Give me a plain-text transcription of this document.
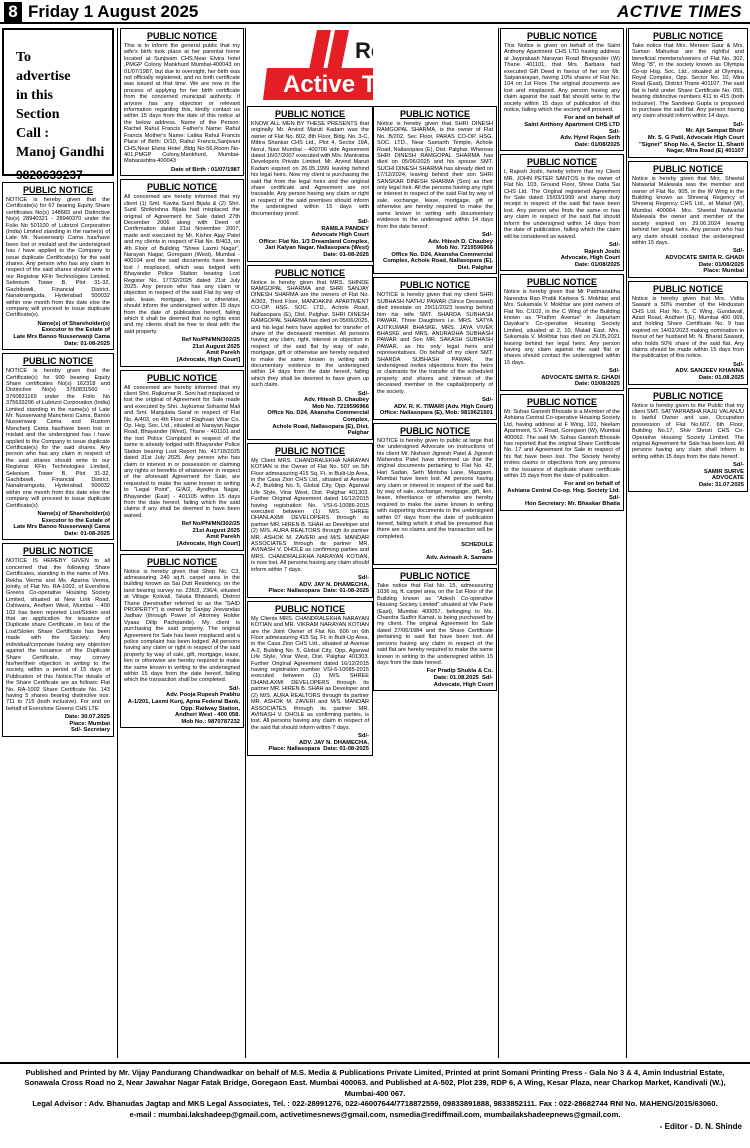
8 Friday 1 August 2025	ACTIVE TIMES
To
advertise
in this
Section
Call :
Manoj Gandhi
9820639237
PUBLIC NOTICE
NOTICE is hereby given that the Certificate(s) for 67 bearing Equity Share certificates No(s) 148683 and Distinctive No(s) 28940321 - 28940370 under the Folio No 501100 of Lubrizol Corporation (India) Limited standing in the name(s) of Late Mr. Nusserwanji Cama has/have been lost or mislaid and the undersigned has / have applied to the Company to issue duplicate Certificate(s) for the said shares. Any person who has any claim in respect of the said shares should write to our Registrar KFin Technologies Limited, Selenium Tower B, Plot 31-32, Gachibowli, Financial District, Nanakramguda, Hyderabad 500032 within one month from this date else the company will proceed to issue duplicate Certificate(s).
Name(s) of Shareholder(s)
Executor to the Estate of
Late Mrs Banoo Nusserwanji Cama
Date: 01-08-2025
PUBLIC NOTICE
NOTICE is hereby given that the Certificate(s) for 900 bearing Equity Share certificates No(s) 162318 and Distinctive No(s) 3760831560 - 3760831169 under the Folio No 375633296 of Lubrizol Corporation (India) Limited standing in the name(s) of Late Mr. Nusserwanji Manchersi Cama, Banoo Nusserwanji Cama and Rustom Mancherji Cama has/have been lost or mislaid and the undersigned has / have applied to the Company to issue duplicate Certificate(s) for the said shares. Any person who has any claim in respect of the said shares should write to our Registrar KFin Technologies Limited, Selenium Tower B, Plot 31-32, Gachibowli, Financial District, Nanakramguda, Hyderabad 500032 within one month from this date else the company will proceed to issue duplicate Certificate(s).
Name(s) of Shareholder(s)
Executor to the Estate of
Late Mrs Banoo Nusserwanji Cama
Date: 01-08-2025
PUBLIC NOTICE
NOTICE IS HEREBY GIVEN to all concerned that the following Share Certificates, standing in the name of Mrs. Rekha Verma and Ms. Aparna Verma, jointly, of Flat No. RA-1002, of Evershine Greens Co-operative Housing Society Limited, situated at New Link Road, Oshiwara, Andheri West, Mumbai - 400 102 has been reported Lost/Stolen and that an application for issuance of Duplicate share Certificate, in lieu of the Lost/Stolen Share Certificate has been made with the Society. Any individual/corporate having any objection against the issuance of the Duplicate Share Certificate, may convey his/her/their objection in writing to the society, within a period of 15 days of Publication of this Notice.The details of the Share Certificate are as follows: Flat No. RA-1002 Share Certificate No. 143 having 5 shares bearing distinctive nos. 711 to 715 (both inclusive). For and on behalf of Evershine Greens CHS LTE
Date: 30.07.2025
Place: Mumbai
Sd/- Secretary
PUBLIC NOTICE
This is to inform the general public that my wife's birth took place at her parental home located at Sunjivam CHS,Near Elvira hotel ,PMGP Colony Mankhurd Mumbai-400043 on 01/07/1987, but due to oversight, her birth was not officially registered, and no birth certificate was issued at that time. We are now in the process of applying for her birth certificate from the concerned municipal authority. If anyone has any objection or relevant information regarding this, kindly contact us within 15 days from the date of this notice at the below address. Name of the Person: Rachel Rahul Francis Father's Name: Rahul Francis Mother's Name: Latika Rahul Francis Place of Birth: D/10, Rahul Francis,Sanjivani CHS,Near Elvira Hotel ,Bldg No-56,Room No-401,PMGP Colony,Mankhurd, Mumbai-Maharashtra-400043
Date of Birth : 01/07/1987
PUBLIC NOTICE
All concerned are hereby informed that my client (1) Smt. Kavita Sunil Bijala & (2) Shri. Sunil Shrikrishna Bijala had misplaced the original of Agreement for Sale dated 27th December 2006 along with Deed of Confirmation dated 21st November 2007, made and executed by Mr. Kishor Ajay Patel and my clients in respect of Flat No. B/403, on 4th Floor of Building "Shree Laxmi Nagar", Narayan Nagar, Goregaon (West), Mumbai - 400104 and the said documents have been lost / misplaced, which was lodged with Bhayander Police Station bearing Lost Register No. 17732/2025 dated 21st July 2025. Any person who has any claim or objection in respect of the said Flat by way of sale, lease, mortgage, lien or otherwise, should inform the undersigned within 15 days from the date of publication hereof, failing which it shall be deemed that no rights exist and my clients shall be free to deal with the said property.
Ref No/PN/MN/302/25
21st August 2025
Amit Parekh
[Advocate, High Court]
PUBLIC NOTICE
All concerned are hereby informed that my client Shri. Rajkumar R. Soni had misplaced or lost the original of Agreement for Sale made and executed by Shri. Jaykumar Sohanlal Mali and Smt. Manjulata Saraf in respect of Flat No. A/403, on 4th Floor of Raghvan Vihar Co. Op. Hsg. Soc. Ltd., situated at Narayan Nagar Road, Bhayander (West), Thane - 401101 and the lost Police Complaint in respect of the same is already lodged with Bhayander Police Station bearing Lost Report No. 41718/2025 dated 31st July 2025. Any person who has claim or interest in or possession or claiming any rights or benefits of whatsoever in respect of the aforesaid Agreement for Sale, are requested to make the same known in writing to "Legal Point", G/A/2, Ayodhya Nagar, Bhayander (East) - 401105 within 15 days from the date hereof, failing which the said claims if any shall be deemed to have been waived.
Ref No/PN/MN/302/25
21st August 2025
Amit Parekh
[Advocate, High Court]
PUBLIC NOTICE
Notice is hereby given that Shop No. C3, admeasuring 240 sq.ft. carpet area in the building known as Sai Dutt Residency, on the land bearing survey no. 236/3, 236/4, situated at Village Kolivali, Taluka Bhiwandi, District Thane (hereinafter referred to as the "SAID PROPERTY") is owned by Sanjay Jeevandas Jadhav (through Power of Attorney Holder Vyaas Dilip Pachpande). My client is purchasing the said property. The original Agreement for Sale has been misplaced and a police complaint has been lodged. All persons having any claim or right in respect of the said property by way of sale, gift, mortgage, lease, lien or otherwise are hereby required to make the same known in writing to the undersigned within 15 days from the date hereof, failing which the transaction shall be completed.
Sd/-
Adv. Pooja Rupesh Prabhu
A-1/201, Laxmi Kunj, Apna Federal Bank, Opp. Railway Station,
Andheri West - 400 058.
Mob No.: 9870787232
Read Daily
Active Times
PUBLIC NOTICE
KNOW ALL MEN BY THESE PRESENTS that originally Mr. Arvind Maruti Kadam was the owner of Flat No. 802, 8th Floor, Bldg. No. 3-C, Mittra Shankar CHS Ltd., Plot 4, Sector 19A, Nerul, Navi Mumbai - 400706 vide Agreement dated 16/07/2007 executed with M/s. Maniratna Developers Private Limited. Mr. Arvind Maruti Kadam expired on 26.05.1999 leaving behind his legal heirs. Now my client is purchasing the said flat from the legal heirs and the original share certificate and Agreement are not traceable. Any person having any claim or right in respect of the said premises should inform the undersigned within 15 days with documentary proof.
Sd/-
RAMILA PANDEY
Advocate High Court
Office: Flat No. 1/3 Dreamland Complex,
Jari Kalyan Nagar, Nallasopara (West)
Date: 01-08-2025
PUBLIC NOTICE
Notice is hereby given that MRS. SHINDE RAMGOPAL SHARMA and SHRI SANJAY DINESH SHARMA are the owners of Flat No. A/303, Third Floor, MANDAKINI APARTMENT CO-OP. HSG. SOC. LTD., Achole Road, Nallasopara (E), Dist. Palghar. SHRI DINESH RAMGOPAL SHARMA has died on 05/06/2025, and his legal heirs have applied for transfer of share of the deceased member. All persons having any claim, right, interest or objection in respect of the said flat by way of sale, mortgage, gift or otherwise are hereby required to make the same known in writing with documentary evidence to the undersigned within 14 days from the date hereof, failing which they shall be deemed to have given up such claim.
Sd/-
Adv. Hitesh D. Chaubey
Mob No. 7219596966
Office No. D24, Akansha Commercial Complex,
Achole Road, Nallasopara (E), Dist. Palghar
PUBLIC NOTICE
My Client MRS. CHANDRALEKHA NARAYAN KOTIAN is the Owner of Flat No. 507 on 5th Floor admeasuring 415 Sq. Ft. in Built-Up Area, in the Casa Zion CHS Ltd., situated at Avenue A-2, Building No. 5, Global City, Opp. Agarwal Life Style, Virar West, Dist. Palghar 401303. Further Original Agreement dated 16/12/2015 having registration No. VSI-6-10086-2015 executed between (1) M/S. SHREE DHANLAXMI DEVELOPERS through its partner MR. HIREN B. SHAH as Developer and (2) M/S. AURA REALTORS through its partner MR. ASHOK M. ZAVERI and M/S. MANDAR ASSOCIATES through its partner MR. AVINASH V. DHOLE as confirming parties and MRS. CHANDRALEKHA NARAYAN KOTIAN, is now lost. All persons having any claim should inform within 7 days.
Sd/-
ADV. JAY N. DHAMECHA,
Place: Nallasopara  Date: 01-08-2025
PUBLIC NOTICE
My Clients MRS. CHANDRALEKHA NARAYAN KOTIAN and MR. VIKRAM NARAYAN KOTIAN are the Joint Owner of Flat No. 606 on 6th Floor admeasuring 415 Sq. Ft. in Built-Up Area, in the Casa Zion CHS Ltd., situated at Avenue A-2, Building No. 5, Global City, Opp. Agarwal Life Style, Virar West, Dist. Palghar 401303. Further Original Agreement dated 16/12/2015 having registration number VSI-6-10085-2015 executed between (1) M/S. SHREE DHANLAXMI DEVELOPERS through its partner MR. HIREN B. SHAH as Developer and (2) M/S. AURA REALTORS through its partner MR. ASHOK M. ZAVERI and M/S. MANDAR ASSOCIATES through its partner MR. AVINASH V. DHOLE as confirming parties, is lost. All persons having any claim in respect of the said flat should inform within 7 days.
Sd/-
ADV. JAY N. DHAMECHA,
Place: Nallasopara  Date: 01-08-2025
PUBLIC NOTICE
Notice is hereby given that SHRI DINESH RAMGOPAL SHARMA, is the owner of Flat No. B/202, Sec Floor, PARAS CO-OP. HSG. SOC. LTD., Near Samarth Temple, Achole Road, Nallasopara (E), Dist. Palghar. Whereas SHRI DINESH RAMGOPAL SHARMA has died on 05/06/2025 and his spouse SMT. SUCHI DINESH SHARMA has already died on 17/12/2024, leaving behind their son SHRI SANSKAR DINESH SHARMA (Son) as their only legal heir. All the persons having any right or interest in respect of the said Flat by way of sale, exchange, lease, mortgage, gift or otherwise are hereby required to make the same known in writing with documentary evidence to the undersigned within 14 days from the date hereof.
Sd/-
Adv. Hitesh D. Chaubey
Mob No. 7219596966
Office No. D24, Akansha Commercial Complex, Achole Road, Nallasopara (E), Dist. Palghar
PUBLIC NOTICE
NOTICE is hereby given that my client SHRI SUBHASH NATHU PAWAR (Since Deceased) died intestate on 29/11/2023 leaving behind him his wife SMT. SHARDA SUBHASH PAWAR, Three Daughters i.e. MRS. SATYA AJITKUMAR BHASKE, MRS. JAYA VIVEK BHASKE and MRS. ANURADHA SUBHASH PAWAR and Son MR. SAKASH SUBHASH PAWAR, as his only legal heirs and representatives. On behalf of my client SMT. SHARDA SUBHASH PAWAR, the undersigned invites objections from the heirs or claimants for the transfer of the scheduled property and shares and interest of the deceased member in the capital/property of the society.
Sd/-
ADV. R. K. TIWARI (Adv. High Court)
Office: Nallasopara (E), Mob: 9819621501
PUBLIC NOTICE
NOTICE is hereby given to public at large that the undersigned Advocate on instructions of his client Mr. Nishant Jignesh Patel & Jignesh Mahendra Patel have informed us that the original documents pertaining to Flat No. 42, Hari Sadan, Seth Motisha Lane, Mazgaon, Mumbai have been lost. All persons having any claim or interest in respect of the said flat by way of sale, exchange, mortgage, gift, lien, lease, inheritance or otherwise are hereby required to make the same known in writing with supporting documents to the undersigned within 07 days from the date of publication hereof, failing which it shall be presumed that there are no claims and the transaction will be completed.
SCHEDULE
Sd/-
Adv. Avinash A. Samane
PUBLIC NOTICE
Take notice that Flat No. 15, admeasuring 1036 sq. ft. carpet area, on the 1st Floor of the Building known as "Adesh Co-operative Housing Society Limited" situated at Vile Parle (East), Mumbai 400057, belonging to Ms. Chandra Sudhir Kamat, is being purchased by my client. The original Agreement for Sale dated 27/06/1984 and the Share Certificate pertaining to said flat have been lost. All persons having any claim in respect of the said flat are hereby required to make the same known in writing to the undersigned within 15 days from the date hereof.
For Pradip Shukla & Co.
Date: 01.08.2025  Sd/-
Advocate, High Court
PUBLIC NOTICE
This Notice is given on behalf of the Saint Anthony Apartment CHS LTD having address at Jayprakash Narayan Road Bhayander (W) Thane 401101, that Mrs. Barbara had executed Gift Deed in favour of her son Mr. Satyanarayan, having 10% shares of Flat No. 104 on 1st Floor. The original documents are lost and misplaced. Any person having any claim against the said flat should write to the society within 15 days of publication of this notice, failing which the society will proceed.
For and on behalf of
Saint Anthony Apartment CHS LTD
Sd/-
Adv. Hyrel Rajen Seth
Date: 01/08/2025
PUBLIC NOTICE
I, Rajesh Joshi, hereby inform that my Client MR. JOHN PETER SANTOS is the owner of Flat No. 103, Ground Floor, Shree Datta Sai CHS Ltd. The Original registered Agreement for Sale dated 15/03/1999 and stamp duty receipt in respect of the said flat have been lost. Any person who finds the same or has any claim in respect of the said flat should inform the undersigned within 14 days from the date of publication, failing which the claim will be considered as waived.
Sd/-
Rajesh Joshi
Advocate, High Court
Date: 01/08/2025
PUBLIC NOTICE
Notice is hereby given that Mr Padmanabha Narendra Rao Pratik Karkera S. Mokhtar and Mrs. Sukamala V. Mokhtar are joint owners of Flat No. C/102, in the C Wing of the Building known as "Prathm Avenue" in Jaipurlam Dayakar's Co-operative Housing Society Limited, situated at 2, 10, Malad East. Mrs. Sukamala V. Mokhtar has died on 29.05.2021 leaving behind her legal heirs. Any person having any claim against the said flat or shares should contact the undersigned within 15 days.
Sd/-
ADVOCATE SMITA R. GHADI
Date: 01/08/2025
PUBLIC NOTICE
Mr. Suhas Ganesh Bhosale is a Member of the Ashiana Central Co-operative Housing Society Ltd, having address at F Wing, 101, Neelam Apartment, S.V. Road, Goregaon (W), Mumbai 400062. The said Mr. Suhas Ganesh Bhosale has reported that the original Share Certificate No. 17 and Agreement for Sale in respect of his flat have been lost. The Society hereby invites claims or objections from any persons to the issuance of duplicate share certificate within 15 days from the date of publication.
For and on behalf of
Ashiana Central Co-op. Hsg. Society Ltd.
Sd/-
Hon Secretary: Mr. Bhaskar Bhatia
PUBLIC NOTICE
Take notice that Mrs. Mereen Gaur & Mrs. Suman Mahurkar are the rightful and beneficial members/owners of Flat No. 302, Wing "B", in the society known as Olympia Co-op Hsg. Soc. Ltd., situated at Olympia, Royal Complex, Opp. Sector No. 10, Mira Road (East), District Thane 401107. The said flat is held under Share Certificate No. 055, bearing distinctive numbers 411 to 415 (both inclusive). The Sandeep Gupta is proposed to purchase the said flat. Any person having any claim should inform within 14 days.
Sd/-
Mr. Ajit Sampat Bhoir
Mr. S. G Patil, Advocate High Court
"Signet" Shop No. 4, Sector 11, Shanti Nagar, Mira Road (E) 401107
PUBLIC NOTICE
Notice is hereby given that Mrs. Sheetal Natwarlal Malewala was the member and owner of Flat No. 905, in the W Wing in the Building known as Shreeraj Regency of Shreeraj Regency CHS Ltd., at Malad (W), Mumbai 400064. Mrs. Sheetal Natwarlal Malewala the owner and member of the society expired on 29.06.2024 leaving behind her legal heirs. Any person who has any claim should contact the undersigned within 15 days.
Sd/-
ADVOCATE SMITA R. GHADI
Date: 01/08/2025
Place: Mumbai
PUBLIC NOTICE
Notice is hereby given that Mrs. Vidita Sawant a 50% member of the Hindustan CHS Ltd. Flat No. 5, C Wing, Gundavali, Azad Road, Andheri (E), Mumbai 400 069, and holding Share Certificate No. 9 has expired on 14/02/2023 making nomination in favour of her husband Mr. N. Bharat Sawant, who holds 50% share of the said flat. Any claims should be made within 15 days from the publication of this notice.
Sd/-
ADV. SANJEEV KHANNA
Date: 01.08.2025
PUBLIC NOTICE
Notice is hereby given to the Public that my client SMT. SATYAPRABHA RAJU VALANJU is lawful Owner and use, Occupation possession of Flat No.607, 6th Floor, Building No.17, Shiv Shristi CHS Co-Operative Housing Society Limited. The original Agreement for Sale has been lost. All persons having any claim shall inform in writing within 15 days from the date hereof.
Sd/-
SAMIR SURVE
ADVOCATE
Date: 31.07.2025
Published and Printed by Mr. Vijay Pandurang Chandwadkar on behalf of M.S. Media & Publications Private Limited, Printed at print Somani Printing Press - Gala No 3 & 4, Amin Industrial Estate, Sonawala Cross Road no 2, Near Jawahar Nagar Fatak Bridge, Goregaon East. Mumbai 400063. and Published at A-502, Plot 239, RDP 6, A Wing, Kesar Plaza, near Charkop Market, Kandivali (W.), Mumbai-400 067.
Legal Advisor : Adv. Bhanudas Jagtap and MKS Legal Associates, Tel. : 022-28991276, 022-46007644/7718872559, 09833891888, 9833852111. Fax : 022-28682744 RNI No. MAHENG/2015/63060.
e-mail : mumbai.lakshadeep@gmail.com, activetimesnews@gmail.com, nsmedia@rediffmail.com, mumbailakshadeepnews@gmail.com.
- Editor - D. N. Shinde
